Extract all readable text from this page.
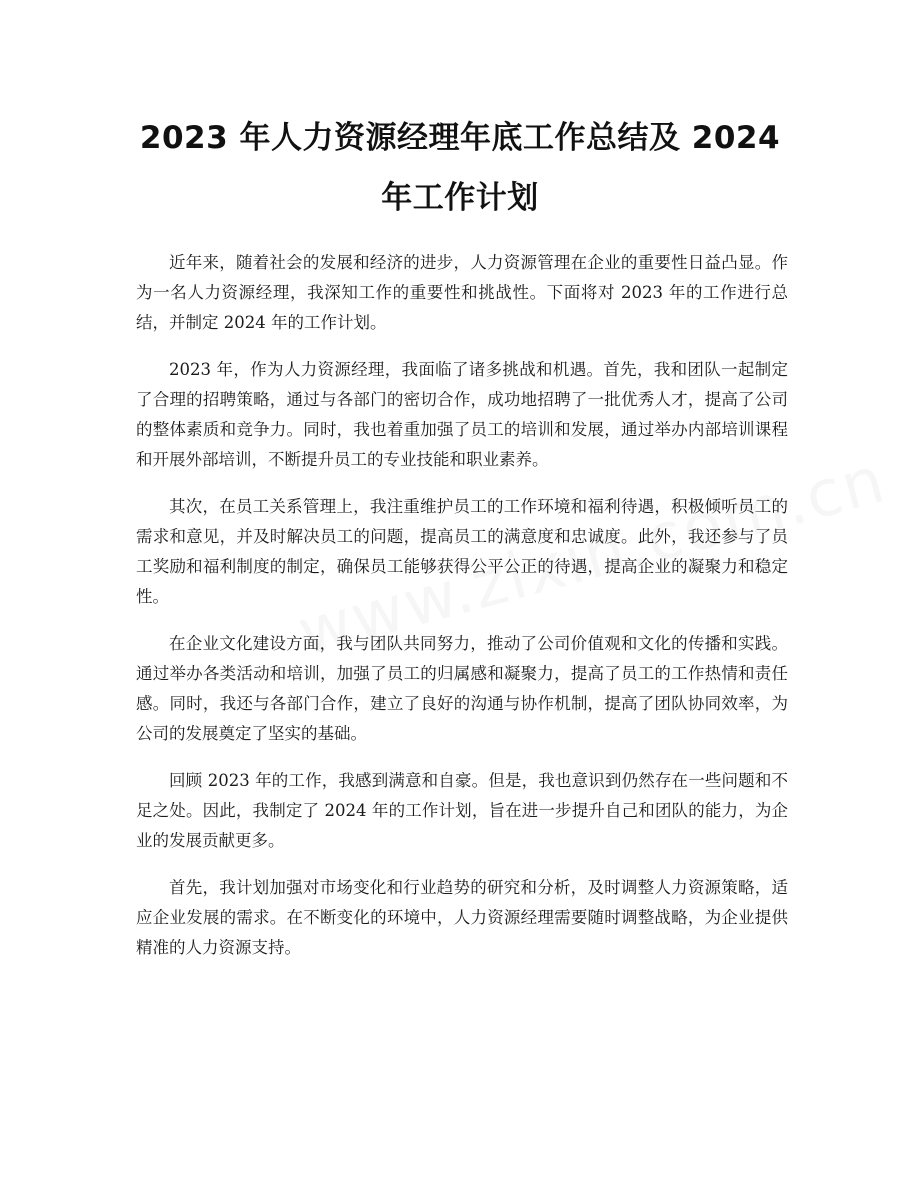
2023 年人力资源经理年底工作总结及 2024 年工作计划

近年来，随着社会的发展和经济的进步，人力资源管理在企业的重要性日益凸显。作为一名人力资源经理，我深知工作的重要性和挑战性。下面将对 2023 年的工作进行总结，并制定 2024 年的工作计划。

2023 年，作为人力资源经理，我面临了诸多挑战和机遇。首先，我和团队一起制定了合理的招聘策略，通过与各部门的密切合作，成功地招聘了一批优秀人才，提高了公司的整体素质和竞争力。同时，我也着重加强了员工的培训和发展，通过举办内部培训课程和开展外部培训，不断提升员工的专业技能和职业素养。

其次，在员工关系管理上，我注重维护员工的工作环境和福利待遇，积极倾听员工的需求和意见，并及时解决员工的问题，提高员工的满意度和忠诚度。此外，我还参与了员工奖励和福利制度的制定，确保员工能够获得公平公正的待遇，提高企业的凝聚力和稳定性。

在企业文化建设方面，我与团队共同努力，推动了公司价值观和文化的传播和实践。通过举办各类活动和培训，加强了员工的归属感和凝聚力，提高了员工的工作热情和责任感。同时，我还与各部门合作，建立了良好的沟通与协作机制，提高了团队协同效率，为公司的发展奠定了坚实的基础。

回顾 2023 年的工作，我感到满意和自豪。但是，我也意识到仍然存在一些问题和不足之处。因此，我制定了 2024 年的工作计划，旨在进一步提升自己和团队的能力，为企业的发展贡献更多。

首先，我计划加强对市场变化和行业趋势的研究和分析，及时调整人力资源策略，适应企业发展的需求。在不断变化的环境中，人力资源经理需要随时调整战略，为企业提供精准的人力资源支持。
